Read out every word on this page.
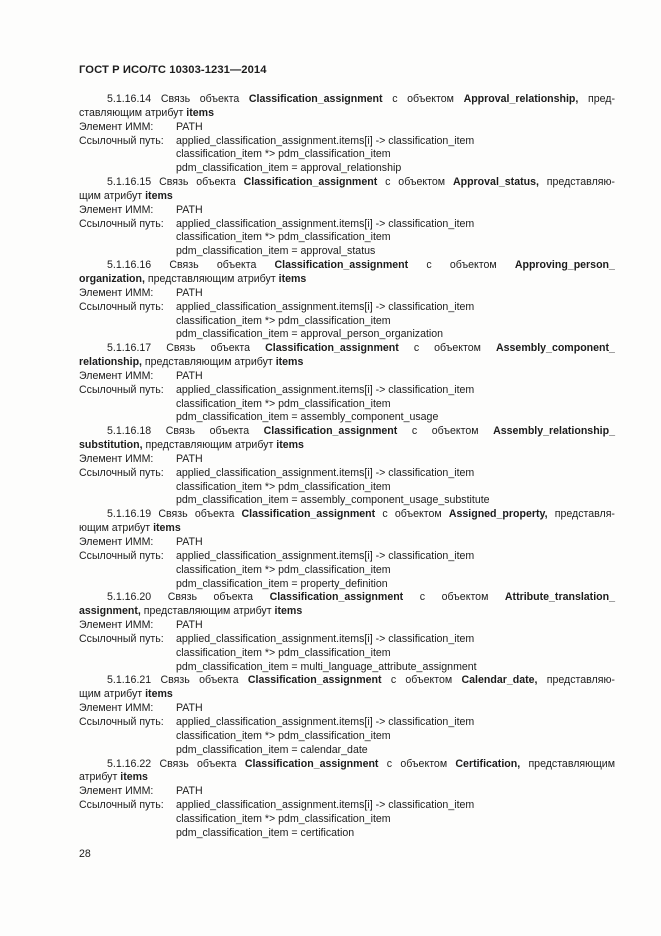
ГОСТ Р ИСО/ТС 10303-1231—2014
5.1.16.14 Связь объекта Classification_assignment с объектом Approval_relationship, пред-
ставляющим атрибут items
Элемент ИММ: PATH
Ссылочный путь: applied_classification_assignment.items[i] -> classification_item
classification_item *> pdm_classification_item
pdm_classification_item = approval_relationship
5.1.16.15 Связь объекта Classification_assignment с объектом Approval_status, представляю-
щим атрибут items
Элемент ИММ: PATH
Ссылочный путь: applied_classification_assignment.items[i] -> classification_item
classification_item *> pdm_classification_item
pdm_classification_item = approval_status
5.1.16.16 Связь объекта Classification_assignment с объектом Approving_person_
organization, представляющим атрибут items
Элемент ИММ: PATH
Ссылочный путь: applied_classification_assignment.items[i] -> classification_item
classification_item *> pdm_classification_item
pdm_classification_item = approval_person_organization
5.1.16.17 Связь объекта Classification_assignment с объектом Assembly_component_
relationship, представляющим атрибут items
Элемент ИММ: PATH
Ссылочный путь: applied_classification_assignment.items[i] -> classification_item
classification_item *> pdm_classification_item
pdm_classification_item = assembly_component_usage
5.1.16.18 Связь объекта Classification_assignment с объектом Assembly_relationship_
substitution, представляющим атрибут items
Элемент ИММ: PATH
Ссылочный путь: applied_classification_assignment.items[i] -> classification_item
classification_item *> pdm_classification_item
pdm_classification_item = assembly_component_usage_substitute
5.1.16.19 Связь объекта Classification_assignment с объектом Assigned_property, представля-
ющим атрибут items
Элемент ИММ: PATH
Ссылочный путь: applied_classification_assignment.items[i] -> classification_item
classification_item *> pdm_classification_item
pdm_classification_item = property_definition
5.1.16.20 Связь объекта Classification_assignment с объектом Attribute_translation_
assignment, представляющим атрибут items
Элемент ИММ: PATH
Ссылочный путь: applied_classification_assignment.items[i] -> classification_item
classification_item *> pdm_classification_item
pdm_classification_item = multi_language_attribute_assignment
5.1.16.21 Связь объекта Classification_assignment с объектом Calendar_date, представляю-
щим атрибут items
Элемент ИММ: PATH
Ссылочный путь: applied_classification_assignment.items[i] -> classification_item
classification_item *> pdm_classification_item
pdm_classification_item = calendar_date
5.1.16.22 Связь объекта Classification_assignment с объектом Certification, представляющим
атрибут items
Элемент ИММ: PATH
Ссылочный путь: applied_classification_assignment.items[i] -> classification_item
classification_item *> pdm_classification_item
pdm_classification_item = certification
28
